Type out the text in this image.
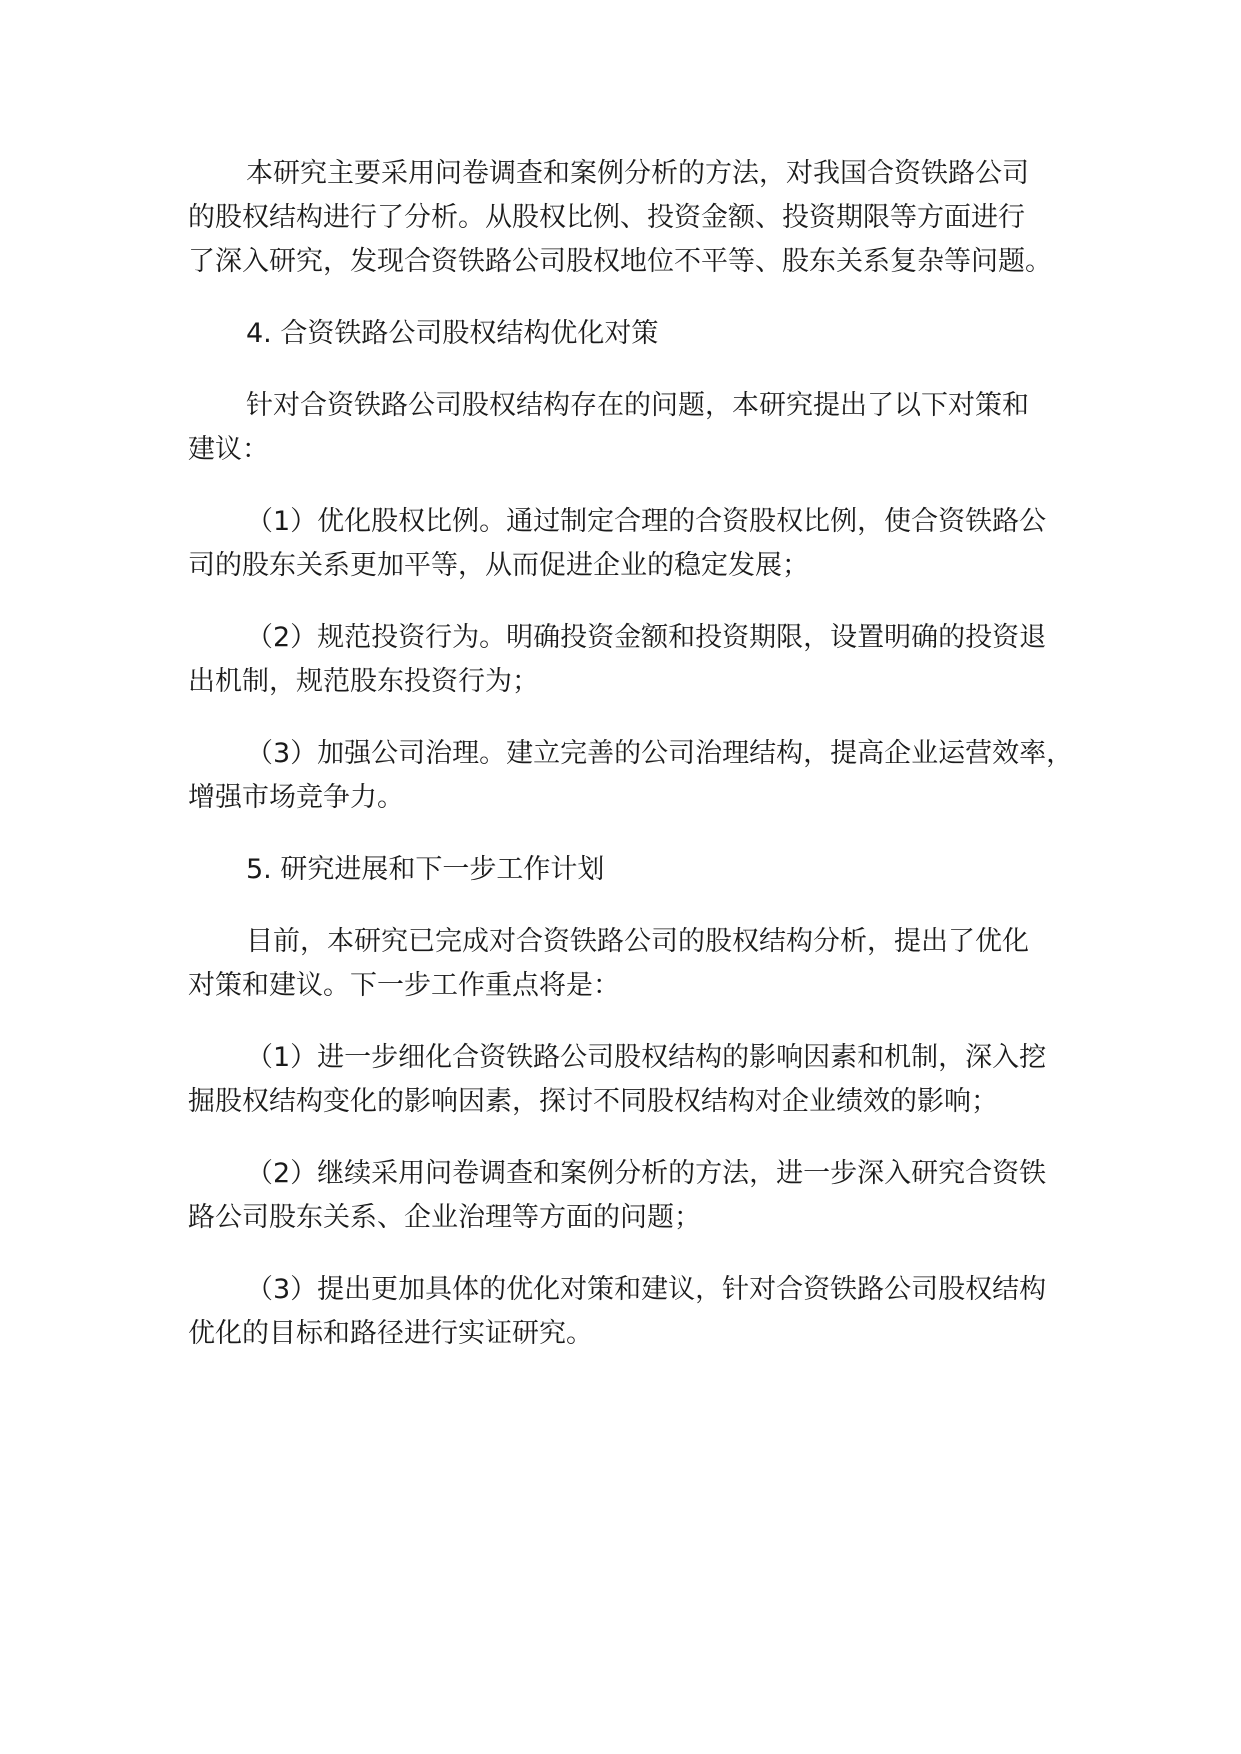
本研究主要采用问卷调查和案例分析的方法，对我国合资铁路公司
的股权结构进行了分析。从股权比例、投资金额、投资期限等方面进行
了深入研究，发现合资铁路公司股权地位不平等、股东关系复杂等问题。
4. 合资铁路公司股权结构优化对策
针对合资铁路公司股权结构存在的问题，本研究提出了以下对策和
建议：
（1）优化股权比例。通过制定合理的合资股权比例，使合资铁路公
司的股东关系更加平等，从而促进企业的稳定发展；
（2）规范投资行为。明确投资金额和投资期限，设置明确的投资退
出机制，规范股东投资行为；
（3）加强公司治理。建立完善的公司治理结构，提高企业运营效率，
增强市场竞争力。
5. 研究进展和下一步工作计划
目前，本研究已完成对合资铁路公司的股权结构分析，提出了优化
对策和建议。下一步工作重点将是：
（1）进一步细化合资铁路公司股权结构的影响因素和机制，深入挖
掘股权结构变化的影响因素，探讨不同股权结构对企业绩效的影响；
（2）继续采用问卷调查和案例分析的方法，进一步深入研究合资铁
路公司股东关系、企业治理等方面的问题；
（3）提出更加具体的优化对策和建议，针对合资铁路公司股权结构
优化的目标和路径进行实证研究。
